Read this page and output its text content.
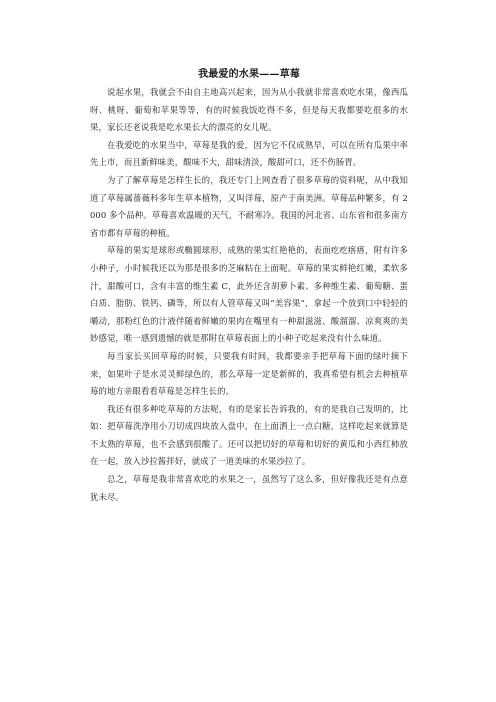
我最爱的水果——草莓

说起水果，我就会不由自主地高兴起来，因为从小我就非常喜欢吃水果，像西瓜呀、桃呀、葡萄和苹果等等，有的时候我饭吃得不多，但是每天我都要吃很多的水果，家长还老说我是吃水果长大的漂亮的女儿呢。

在我爱吃的水果当中，草莓是我的爱，因为它不仅成熟早，可以在所有瓜果中率先上市，而且新鲜味美，酸味不大，甜味清淡，酸甜可口，还不伤肠胃。

为了了解草莓是怎样生长的，我还专门上网查看了很多草莓的资料呢，从中我知道了草莓属蔷薇科多年生草本植物，又叫洋莓，原产于南美洲。草莓品种繁多，有 2000 多个品种。草莓喜欢温暖的天气，不耐寒冷。我国的河北省、山东省和很多南方省市都有草莓的种植。

草莓的果实是球形或椭圆球形，成熟的果实红艳艳的，表面疙疙瘩瘩，附有许多小种子，小时候我还以为那是很多的芝麻粘在上面呢。草莓的果实鲜艳红嫩，柔软多汁，甜酸可口，含有丰富的维生素 C，此外还含胡萝卜素、多种维生素、葡萄糖、蛋白质、脂肪、铁钙、磷等，所以有人管草莓又叫“美容果”，拿起一个放到口中轻轻的嚼动，那粉红色的汁液伴随着鲜嫩的果肉在嘴里有一种甜滋滋、酸溜溜、凉爽爽的美妙感觉，唯一感到遗憾的就是那附在草莓表面上的小种子吃起来没有什么味道。

每当家长买回草莓的时候，只要我有时间，我都要亲手把草莓下面的绿叶摘下来，如果叶子是水灵灵鲜绿色的，那么草莓一定是新鲜的，我真希望有机会去种植草莓的地方亲眼看看草莓是怎样生长的。

我还有很多种吃草莓的方法呢，有的是家长告诉我的，有的是我自己发明的，比如：把草莓洗净用小刀切成四块放入盘中，在上面洒上一点白糖，这样吃起来就算是不太熟的草莓，也不会感到很酸了。还可以把切好的草莓和切好的黄瓜和小西红柿放在一起，放入沙拉酱拌好，就成了一道美味的水果沙拉了。

总之，草莓是我非常喜欢吃的水果之一，虽然写了这么多，但好像我还是有点意犹未尽。
